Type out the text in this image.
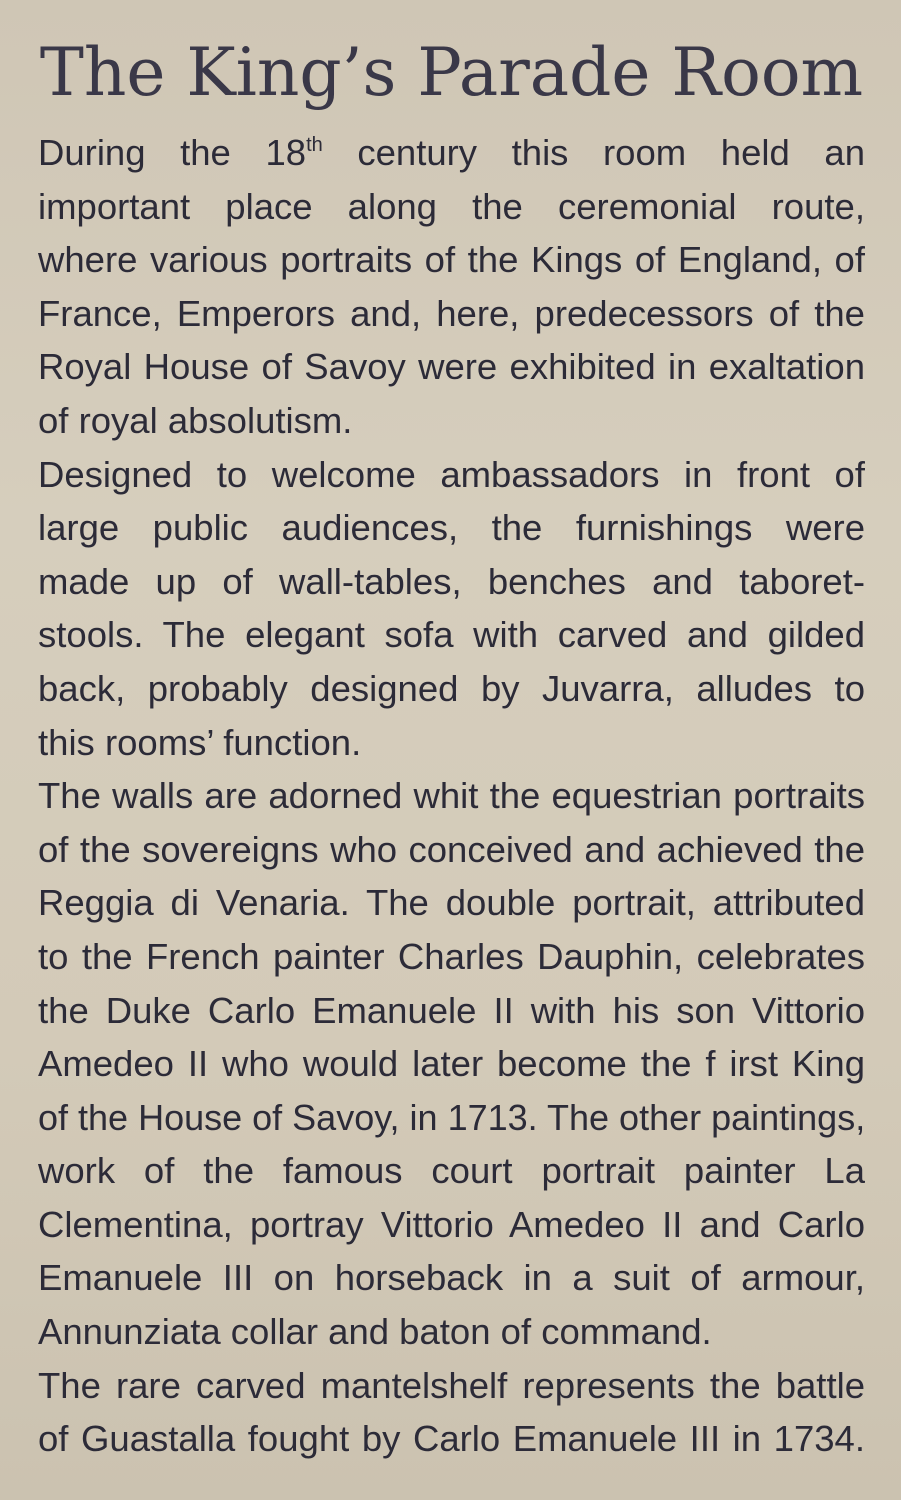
The King’s Parade Room
During the 18th century this room held an
important place along the ceremonial route,
where various portraits of the Kings of England, of
France, Emperors and, here, predecessors of the
Royal House of Savoy were exhibited in exaltation
of royal absolutism.
Designed to welcome ambassadors in front of
large public audiences, the furnishings were
made up of wall-tables, benches and taboret-
stools. The elegant sofa with carved and gilded
back, probably designed by Juvarra, alludes to
this rooms’ function.
The walls are adorned whit the equestrian portraits
of the sovereigns who conceived and achieved the
Reggia di Venaria. The double portrait, attributed
to the French painter Charles Dauphin, celebrates
the Duke Carlo Emanuele II with his son Vittorio
Amedeo II who would later become the f irst King
of the House of Savoy, in 1713. The other paintings,
work of the famous court portrait painter La
Clementina, portray Vittorio Amedeo II and Carlo
Emanuele III on horseback in a suit of armour,
Annunziata collar and baton of command.
The rare carved mantelshelf represents the battle
of Guastalla fought by Carlo Emanuele III in 1734.
